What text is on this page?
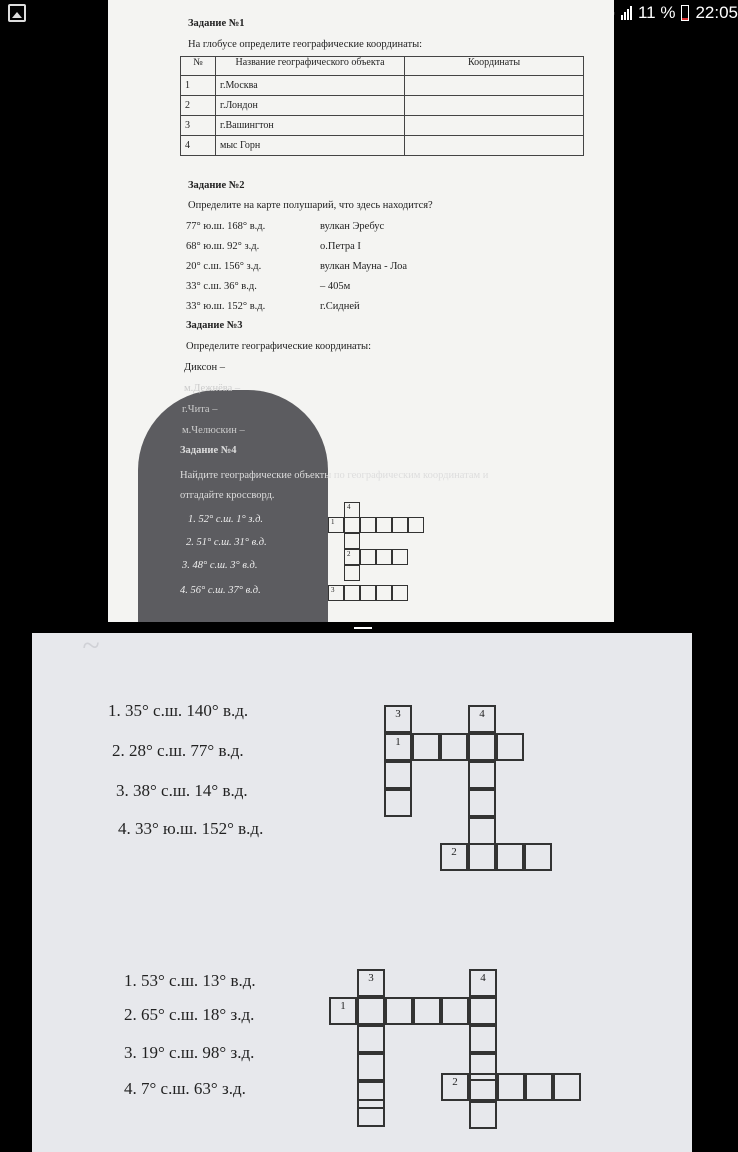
11 % 22:05
Задание №1
На глобусе определите географические координаты:
№	Название географического объекта	Координаты
1	г.Москва	
2	г.Лондон	
3	г.Вашингтон	
4	мыс Горн	
Задание №2
Определите на карте полушарий, что здесь находится?
77° ю.ш. 168° в.д.	вулкан Эребус
68° ю.ш. 92° з.д.	о.Петра I
20° с.ш. 156° з.д.	вулкан Мауна - Лоа
33° с.ш. 36° в.д.	– 405м
33° ю.ш. 152° в.д.	г.Сидней
Задание №3
Определите географические координаты:
Диксон –
м.Дежнёва –
г.Чита –
м.Челюскин –
Задание №4
Найдите географические объекты по географическим координатам и
отгадайте кроссворд.
1. 52° с.ш. 1° з.д.
2. 51° с.ш. 31° в.д.
3. 48° с.ш. 3° в.д.
4. 56° с.ш. 37° в.д.
4
1
2
3
~
1. 35° с.ш. 140° в.д.
2. 28° с.ш. 77° в.д.
3. 38° с.ш. 14° в.д.
4. 33° ю.ш. 152° в.д.
3	4
1
2
1. 53° с.ш. 13° в.д.
2. 65° с.ш. 18° з.д.
3. 19° с.ш. 98° з.д.
4. 7° с.ш. 63° з.д.
3	4
1
2
